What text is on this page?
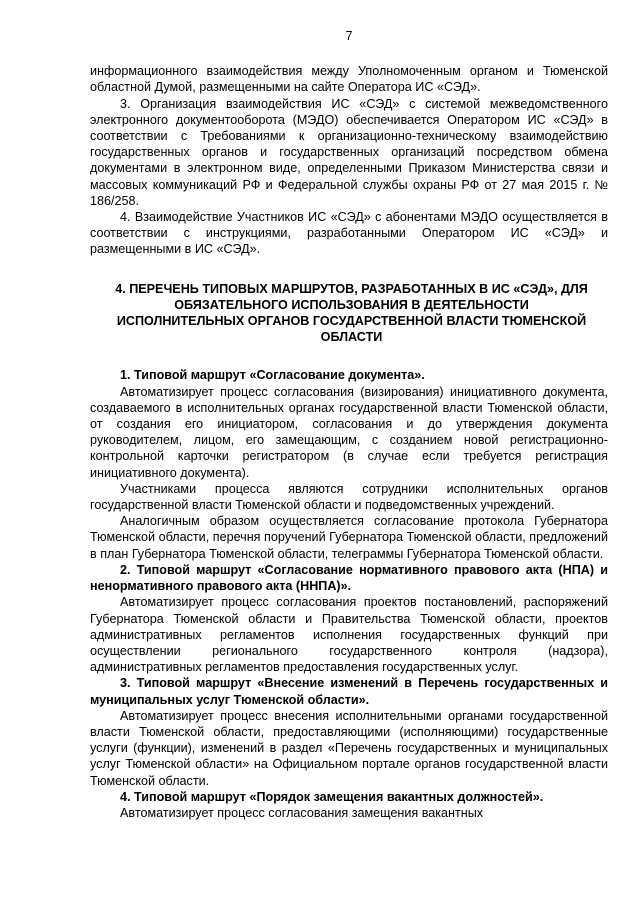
7

информационного взаимодействия между Уполномоченным органом и Тюменской областной Думой, размещенными на сайте Оператора ИС «СЭД».

3. Организация взаимодействия ИС «СЭД» с системой межведомственного электронного документооборота (МЭДО) обеспечивается Оператором ИС «СЭД» в соответствии с Требованиями к организационно-техническому взаимодействию государственных органов и государственных организаций посредством обмена документами в электронном виде, определенными Приказом Министерства связи и массовых коммуникаций РФ и Федеральной службы охраны РФ от 27 мая 2015 г. № 186/258.

4. Взаимодействие Участников ИС «СЭД» с абонентами МЭДО осуществляется в соответствии с инструкциями, разработанными Оператором ИС «СЭД» и размещенными в ИС «СЭД».

4. ПЕРЕЧЕНЬ ТИПОВЫХ МАРШРУТОВ, РАЗРАБОТАННЫХ В ИС «СЭД», ДЛЯ ОБЯЗАТЕЛЬНОГО ИСПОЛЬЗОВАНИЯ В ДЕЯТЕЛЬНОСТИ ИСПОЛНИТЕЛЬНЫХ ОРГАНОВ ГОСУДАРСТВЕННОЙ ВЛАСТИ ТЮМЕНСКОЙ ОБЛАСТИ

1. Типовой маршрут «Согласование документа».

Автоматизирует процесс согласования (визирования) инициативного документа, создаваемого в исполнительных органах государственной власти Тюменской области, от создания его инициатором, согласования и до утверждения документа руководителем, лицом, его замещающим, с созданием новой регистрационно-контрольной карточки регистратором (в случае если требуется регистрация инициативного документа).

Участниками процесса являются сотрудники исполнительных органов государственной власти Тюменской области и подведомственных учреждений.

Аналогичным образом осуществляется согласование протокола Губернатора Тюменской области, перечня поручений Губернатора Тюменской области, предложений в план Губернатора Тюменской области, телеграммы Губернатора Тюменской области.

2. Типовой маршрут «Согласование нормативного правового акта (НПА) и ненормативного правового акта (ННПА)».

Автоматизирует процесс согласования проектов постановлений, распоряжений Губернатора Тюменской области и Правительства Тюменской области, проектов административных регламентов исполнения государственных функций при осуществлении регионального государственного контроля (надзора), административных регламентов предоставления государственных услуг.

3. Типовой маршрут «Внесение изменений в Перечень государственных и муниципальных услуг Тюменской области».

Автоматизирует процесс внесения исполнительными органами государственной власти Тюменской области, предоставляющими (исполняющими) государственные услуги (функции), изменений в раздел «Перечень государственных и муниципальных услуг Тюменской области» на Официальном портале органов государственной власти Тюменской области.

4. Типовой маршрут «Порядок замещения вакантных должностей».

Автоматизирует процесс согласования замещения вакантных
